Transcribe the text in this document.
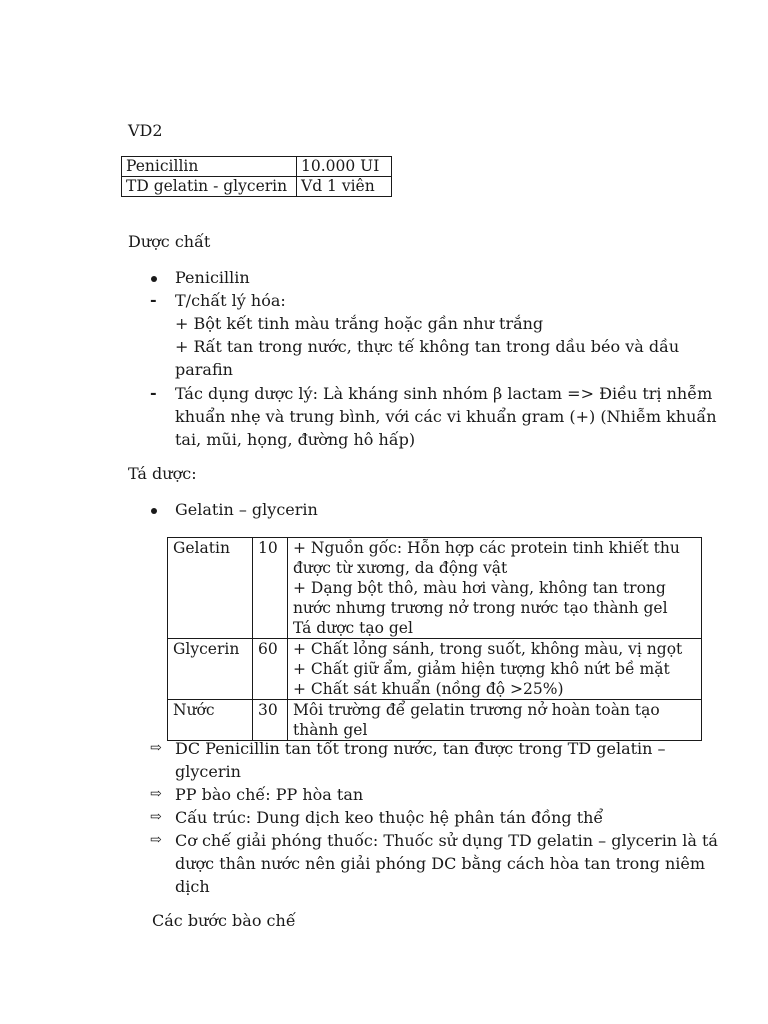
VD2
Penicillin	10.000 UI
TD gelatin - glycerin	Vd 1 viên
Dược chất
Penicillin
- T/chất lý hóa:
+ Bột kết tinh màu trắng hoặc gần như trắng
+ Rất tan trong nước, thực tế không tan trong dầu béo và dầu
parafin
- Tác dụng dược lý: Là kháng sinh nhóm β lactam => Điều trị nhễm
khuẩn nhẹ và trung bình, với các vi khuẩn gram (+) (Nhiễm khuẩn
tai, mũi, họng, đường hô hấp)
Tá dược:
Gelatin – glycerin
Gelatin	10	+ Nguồn gốc: Hỗn hợp các protein tinh khiết thu
được từ xương, da động vật
+ Dạng bột thô, màu hơi vàng, không tan trong
nước nhưng trương nở trong nước tạo thành gel
Tá dược tạo gel

Glycerin	60	+ Chất lỏng sánh, trong suốt, không màu, vị ngọt
+ Chất giữ ẩm, giảm hiện tượng khô nứt bề mặt
+ Chất sát khuẩn (nồng độ >25%)

Nước	30	Môi trường để gelatin trương nở hoàn toàn tạo
thành gel
⇨ DC Penicillin tan tốt trong nước, tan được trong TD gelatin –
glycerin
⇨ PP bào chế: PP hòa tan
⇨ Cấu trúc: Dung dịch keo thuộc hệ phân tán đồng thể
⇨ Cơ chế giải phóng thuốc: Thuốc sử dụng TD gelatin – glycerin là tá
dược thân nước nên giải phóng DC bằng cách hòa tan trong niêm
dịch
Các bước bào chế
